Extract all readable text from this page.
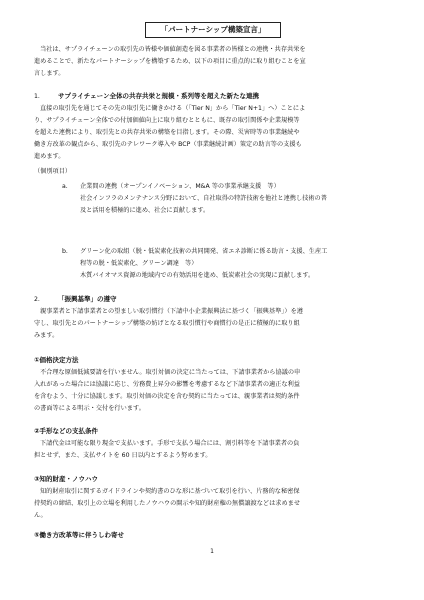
「パートナーシップ構築宣言」
当社は、サプライチェーンの取引先の皆様や価値創造を図る事業者の皆様との連携・共存共栄を
進めることで、新たなパートナーシップを構築するため、以下の項目に重点的に取り組むことを宣
言します。
1.	サプライチェーン全体の共存共栄と規模・系列等を超えた新たな連携
直接の取引先を通じてその先の取引先に働きかける（「Tier N」から「Tier N+1」へ）ことによ
り、サプライチェーン全体での付加価値向上に取り組むとともに、既存の取引関係や企業規模等
を超えた連携により、取引先との共存共栄の構築を目指します。その際、災害時等の事業継続や
働き方改革の観点から、取引先のテレワーク導入や BCP（事業継続計画）策定の助言等の支援も
進めます。
（個別項目）
a. 企業間の連携（オープンイノベーション、M&A 等の事業承継支援　等）
社会インフラのメンテナンス分野において、自社取得の特許技術を他社と連携し技術の普
及と活用を積極的に進め、社会に貢献します。
b. グリーン化の取組（脱・低炭素化技術の共同開発、省エネ診断に係る助言・支援、生産工
程等の脱・低炭素化、グリーン調達　等）
木質バイオマス資源の地域内での有効活用を進め、低炭素社会の実現に貢献します。
2.	「振興基準」の遵守
親事業者と下請事業者との望ましい取引慣行（下請中小企業振興法に基づく「振興基準」）を遵
守し、取引先とのパートナーシップ構築の妨げとなる取引慣行や商慣行の是正に積極的に取り組
みます。
①価格決定方法
不合理な原価低減要請を行いません。取引対価の決定に当たっては、下請事業者から協議の申
入れがあった場合には協議に応じ、労務費上昇分の影響を考慮するなど下請事業者の適正な利益
を含むよう、十分に協議します。取引対価の決定を含む契約に当たっては、親事業者は契約条件
の書面等による明示・交付を行います。
②手形などの支払条件
下請代金は可能な限り現金で支払います。手形で支払う場合には、割引料等を下請事業者の負
担とせず、また、支払サイトを 60 日以内とするよう努めます。
③知的財産・ノウハウ
知的財産取引に関するガイドラインや契約書のひな形に基づいて取引を行い、片務的な秘密保
持契約の締結、取引上の立場を利用したノウハウの開示や知的財産権の無償譲渡などは求めませ
ん。
⑤働き方改革等に伴うしわ寄せ
1
